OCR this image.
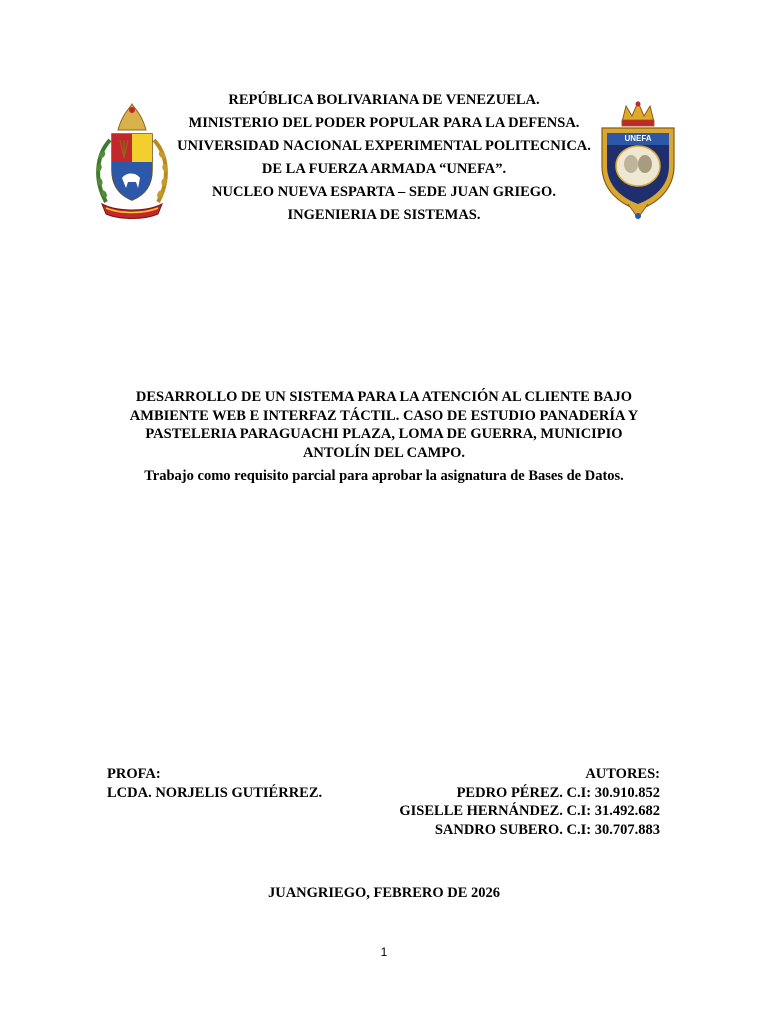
UNEFA
REPÚBLICA BOLIVARIANA DE VENEZUELA.
MINISTERIO DEL PODER POPULAR PARA LA DEFENSA.
UNIVERSIDAD NACIONAL EXPERIMENTAL POLITECNICA.
DE LA FUERZA ARMADA “UNEFA”.
NUCLEO NUEVA ESPARTA – SEDE JUAN GRIEGO.
INGENIERIA DE SISTEMAS.
DESARROLLO DE UN SISTEMA PARA LA ATENCIÓN AL CLIENTE BAJO
AMBIENTE WEB E INTERFAZ TÁCTIL. CASO DE ESTUDIO PANADERÍA Y
PASTELERIA PARAGUACHI PLAZA, LOMA DE GUERRA, MUNICIPIO
ANTOLÍN DEL CAMPO.
Trabajo como requisito parcial para aprobar la asignatura de Bases de Datos.
PROFA:
LCDA. NORJELIS GUTIÉRREZ.
AUTORES:
PEDRO PÉREZ. C.I: 30.910.852
GISELLE HERNÁNDEZ. C.I: 31.492.682
SANDRO SUBERO. C.I: 30.707.883
JUANGRIEGO, FEBRERO DE 2026
1
